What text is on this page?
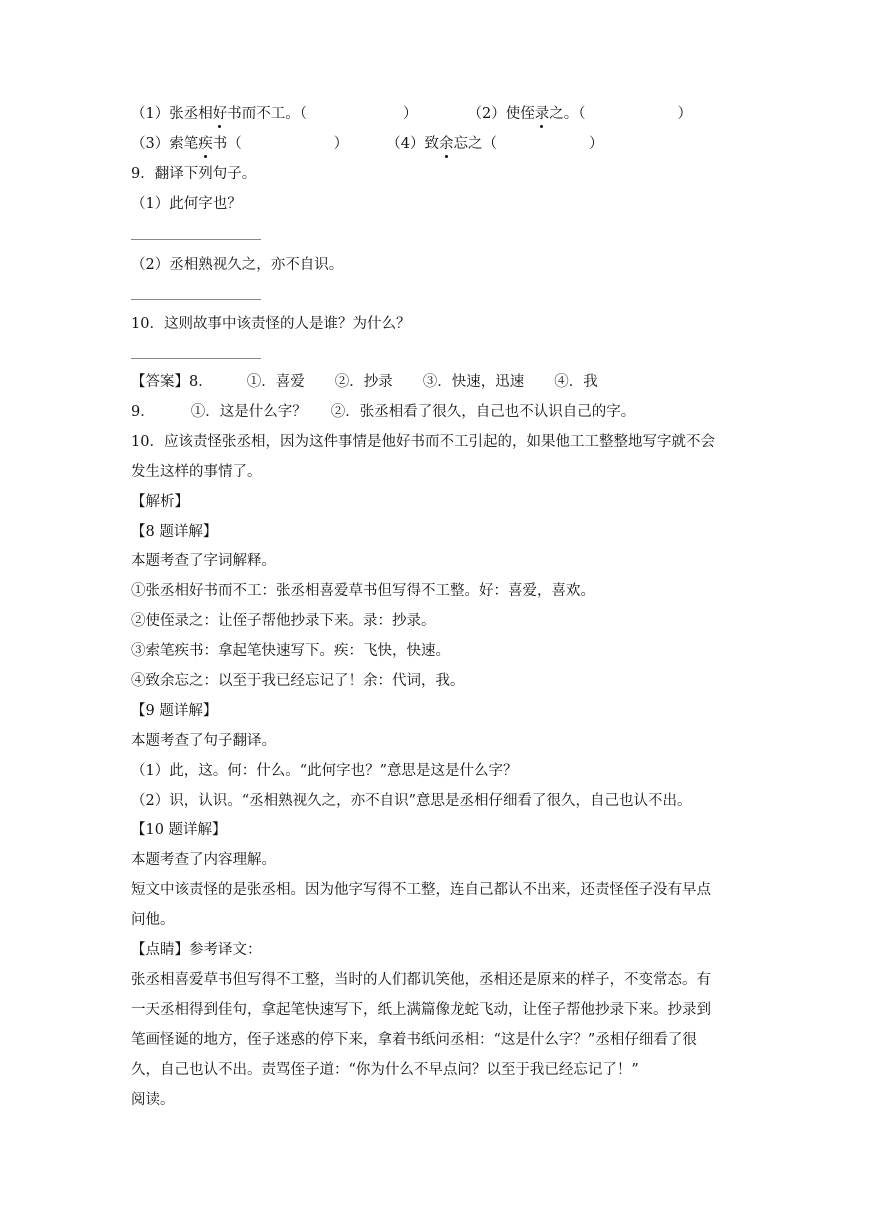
（1）张丞相好书而不工。（	）	（2）使侄录之。（	）
（3）索笔疾书（	）	（4）致余忘之（	）
9．翻译下列句子。
（1）此何字也？
（2）丞相熟视久之，亦不自识。
10．这则故事中该责怪的人是谁？为什么？
【答案】8． ①．喜爱 ②．抄录 ③．快速，迅速 ④．我
9． ①．这是什么字？ ②．张丞相看了很久，自己也不认识自己的字。
10．应该责怪张丞相，因为这件事情是他好书而不工引起的，如果他工工整整地写字就不会
发生这样的事情了。
【解析】
【8 题详解】
本题考查了字词解释。
①张丞相好书而不工：张丞相喜爱草书但写得不工整。好：喜爱，喜欢。
②使侄录之：让侄子帮他抄录下来。录：抄录。
③索笔疾书：拿起笔快速写下。疾：飞快，快速。
④致余忘之：以至于我已经忘记了！余：代词，我。
【9 题详解】
本题考查了句子翻译。
（1）此，这。何：什么。“此何字也？”意思是这是什么字？
（2）识，认识。“丞相熟视久之，亦不自识”意思是丞相仔细看了很久，自己也认不出。
【10 题详解】
本题考查了内容理解。
短文中该责怪的是张丞相。因为他字写得不工整，连自己都认不出来，还责怪侄子没有早点
问他。
【点睛】参考译文：
张丞相喜爱草书但写得不工整，当时的人们都讥笑他，丞相还是原来的样子，不变常态。有
一天丞相得到佳句，拿起笔快速写下，纸上满篇像龙蛇飞动，让侄子帮他抄录下来。抄录到
笔画怪诞的地方，侄子迷惑的停下来，拿着书纸问丞相：“这是什么字？”丞相仔细看了很
久，自己也认不出。责骂侄子道：“你为什么不早点问？以至于我已经忘记了！”
阅读。
